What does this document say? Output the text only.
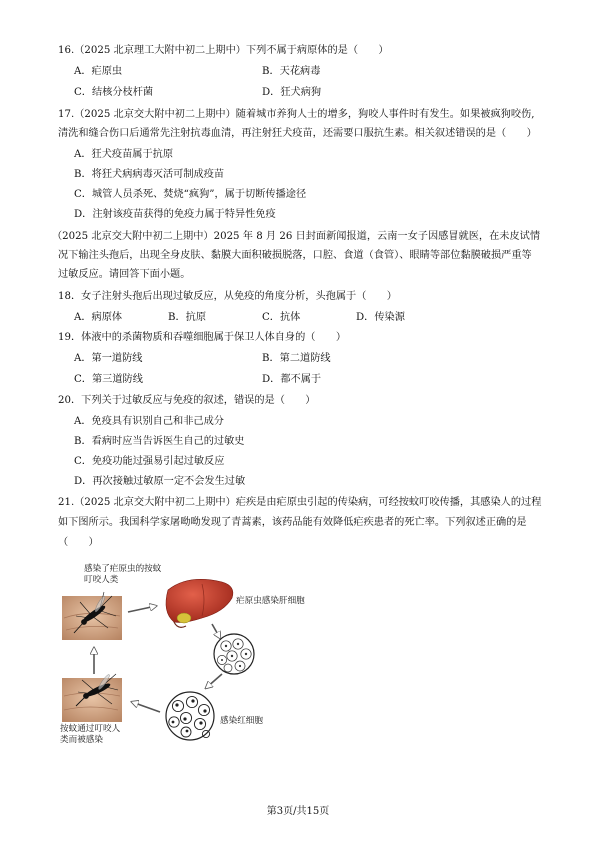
16.（2025 北京理工大附中初二上期中）下列不属于病原体的是（　　）
A．疟原虫	B．天花病毒
C．结核分枝杆菌	D．狂犬病狗
17.（2025 北京交大附中初二上期中）随着城市养狗人士的增多，狗咬人事件时有发生。如果被疯狗咬伤,
清洗和缝合伤口后通常先注射抗毒血清，再注射狂犬疫苗，还需要口服抗生素。相关叙述错误的是（　　）
A．狂犬疫苗属于抗原
B．将狂犬病病毒灭活可制成疫苗
C．城管人员杀死、焚烧“疯狗”，属于切断传播途径
D．注射该疫苗获得的免疫力属于特异性免疫
（2025 北京交大附中初二上期中）2025 年 8 月 26 日封面新闻报道，云南一女子因感冒就医，在未皮试情
况下输注头孢后，出现全身皮肤、黏膜大面积破损脱落，口腔、食道（食管）、眼睛等部位黏膜破损严重等
过敏反应。请回答下面小题。
18．女子注射头孢后出现过敏反应，从免疫的角度分析，头孢属于（　　）
A．病原体	B．抗原	C．抗体	D．传染源
19．体液中的杀菌物质和吞噬细胞属于保卫人体自身的（　　）
A．第一道防线	B．第二道防线
C．第三道防线	D．都不属于
20．下列关于过敏反应与免疫的叙述，错误的是（　　）
A．免疫具有识别自己和非己成分
B．看病时应当告诉医生自己的过敏史
C．免疫功能过强易引起过敏反应
D．再次接触过敏原一定不会发生过敏
21.（2025 北京交大附中初二上期中）疟疾是由疟原虫引起的传染病，可经按蚊叮咬传播，其感染人的过程
如下图所示。我国科学家屠呦呦发现了青蒿素，该药品能有效降低疟疾患者的死亡率。下列叙述正确的是
（　　）
感染了疟原虫的按蚊叮咬人类
疟原虫感染肝细胞
感染红细胞
按蚊通过叮咬人类而被感染
第3页/共15页
